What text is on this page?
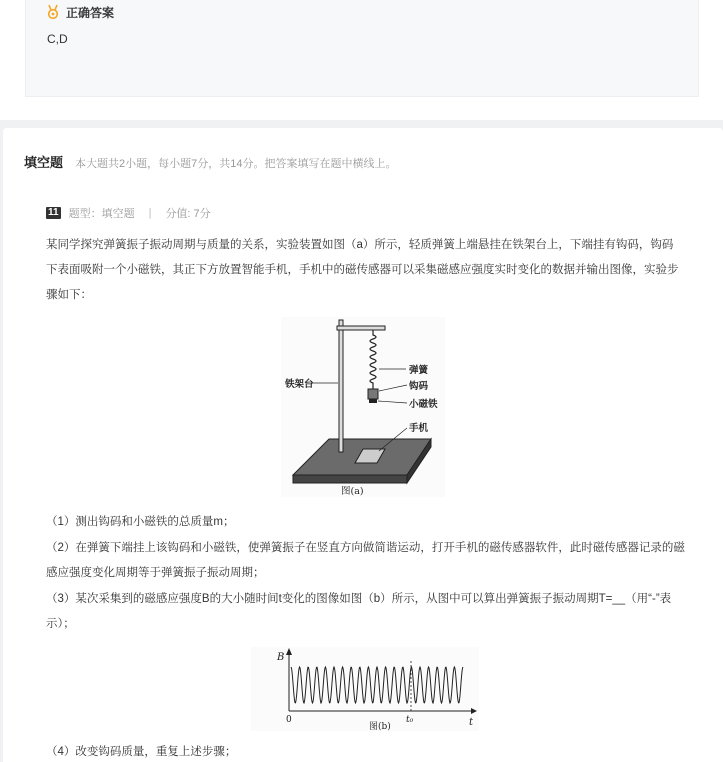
正确答案
C,D
填空题 本大题共2小题，每小题7分，共14分。把答案填写在题中横线上。
11 题型：填空题 | 分值: 7分
某同学探究弹簧振子振动周期与质量的关系，实验装置如图（a）所示，轻质弹簧上端悬挂在铁架台上，下端挂有钩码，钩码下表面吸附一个小磁铁，其正下方放置智能手机，手机中的磁传感器可以采集磁感应强度实时变化的数据并输出图像，实验步骤如下：
铁架台
弹簧
钩码
小磁铁
手机
图(a)
（1）测出钩码和小磁铁的总质量m；
（2）在弹簧下端挂上该钩码和小磁铁，使弹簧振子在竖直方向做简谐运动，打开手机的磁传感器软件，此时磁传感器记录的磁感应强度变化周期等于弹簧振子振动周期；
（3）某次采集到的磁感应强度B的大小随时间t变化的图像如图（b）所示，从图中可以算出弹簧振子振动周期T=__（用“-”表示）；
B
t
0	t₀
图(b)
（4）改变钩码质量，重复上述步骤；
